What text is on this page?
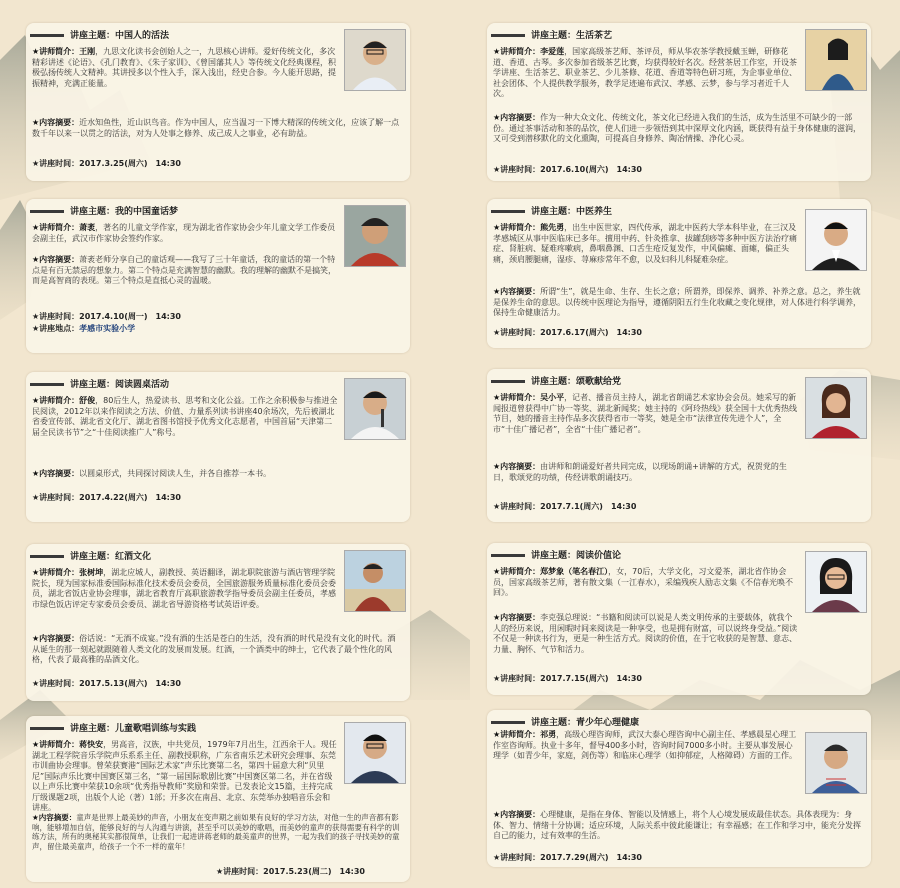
讲座主题：中国人的活法
★讲师简介：王刚，九思文化读书会创始人之一，九思核心讲师。爱好传统文化，多次精彩讲述《论语》、《孔门教育》、《朱子家训》、《曾国藩其人》等传统文化经典课程，积极弘扬传统人文精神。其讲授多以个性入手，深入浅出，经史合参。今人能开思路，提振精神，充满正能量。
★内容摘要：近水知鱼性，近山识鸟音。作为中国人，应当温习一下博大精深的传统文化，应该了解一点数千年以来一以贯之的活法，对为人处事之修养、成己成人之事业，必有助益。
★讲座时间：2017.3.25(周六)　14:30
讲座主题：我的中国童话梦
★讲师简介：萧袤，著名的儿童文学作家，现为湖北省作家协会少年儿童文学工作委员会副主任，武汉市作家协会签约作家。
★内容摘要：萧袤老师分享自己的童话观——我写了三十年童话，我的童话的第一个特点是有百无禁忌的想象力。第二个特点是充满智慧的幽默。我的理解的幽默不是搞笑，而是高智商的表现。第三个特点是直抵心灵的温暖。
★讲座时间：2017.4.10(周一)　14:30
★讲座地点：孝感市实验小学
讲座主题：阅读圆桌活动
★讲师简介：舒俊，80后生人，热爱读书、思考和文化公益。工作之余积极参与推进全民阅读，2012年以来作阅读之方法、价值、力量系列读书讲座40余场次，先后被湖北省委宣传部、湖北省文化厅、湖北省图书馆授予优秀文化志愿者，中国首届“天津第二届全民读书节”之“十佳阅读推广人”称号。
★内容摘要：以圆桌形式，共同探讨阅读人生，并各自推荐一本书。
★讲座时间：2017.4.22(周六)　14:30
讲座主题：红酒文化
★讲师简介：张树坤，湖北应城人，副教授、英语翻译，湖北职院旅游与酒店管理学院院长，现为国家标准委国际标准化技术委员会委员，全国旅游服务质量标准化委员会委员，湖北省饭店业协会理事，湖北省教育厅高职旅游教学指导委员会副主任委员，孝感市绿色饭店评定专家委员会委员、湖北省导游资格考试英语评委。
★内容摘要：俗话说：“无酒不成宴。”没有酒的生活是苍白的生活，没有酒的时代是没有文化的时代。酒从诞生的那一刻起就跟随着人类文化的发展而发展。红酒，一个酒类中的绅士，它代表了最个性化的风格，代表了最高雅的品酒文化。
★讲座时间：2017.5.13(周六)　14:30
讲座主题：儿童歌唱训练与实践
★讲师简介：蒋快安，男高音，汉族，中共党员，1979年7月出生，江西余干人。现任湖北工程学院音乐学院声乐系系主任、副教授职称，广东省南乐艺术研究会理事、东莞市训曲协会理事。曾荣获赛港“国际艺术家”声乐比赛第二名，第四十届意大利“贝里尼”国际声乐比赛中国赛区第三名，“第一届国际歌剧比赛”中国赛区第二名，并在省级以上声乐比赛中荣获10余项“优秀指导教师”奖励和荣誉。已发表论文15篇，主持完成厅级课题2项，出版个人论（著）1部；开多次在南昌、北京、东莞举办独唱音乐会和讲座。
★内容摘要：童声是世界上最美妙的声音，小朋友在变声期之前如果有良好的学习方法，对他一生的声音都有影响，能够增加自信，能够良好的与人沟通与讲演，甚至乎可以美妙的歌唱，而美妙的童声的获得需要有科学的训练方法，所有的奥秘其实都很简单，让我们一起进讲蒋老师的最美童声的世界，一起为我们的孩子寻找美妙的童声，留住最美童声，给孩子一个不一样的童年！
★讲座时间：2017.5.23(周二)　14:30
讲座主题：生活茶艺
★讲师简介：李爱莲，国家高级茶艺师、茶评员，师从华农茶学教授戴玉蝉，研修花道、香道、古琴。多次参加省级茶艺比赛，均获得较好名次。经营茶居工作室，开设茶学讲座、生活茶艺、职业茶艺、少儿茶修、花道、香道等特色研习班，为企事业单位、社会团体、个人提供教学服务，教学足迹遍布武汉、孝感、云梦，参与学习者近千人次。
★内容摘要：作为一种大众文化、传统文化，茶文化已经进入我们的生活，成为生活里不可缺少的一部份。通过茶事活动和茶的品饮，使人们进一步领悟到其中深厚文化内涵，既获得有益于身体健康的滋润，又可受到潜移默化的文化熏陶，可提高自身修养、陶冶情操、净化心灵。
★讲座时间：2017.6.10(周六)　14:30
讲座主题：中医养生
★讲师简介：熊先勇，出生中医世家，四代传承，湖北中医药大学本科毕业，在三汉及孝感城区从事中医临床已多年。擅用中药、针灸推拿、拔罐刮痧等多种中医方法治疗痛症、肾脏病、疑难疼嗽病，鼻咽鼻渊、口舌生疮反复发作，中风偏瘫、面瘫，偏正头痛，颈肩腰腿痛，湿疹、荨麻疹常年不愈，以及妇科儿科疑难杂症。
★内容摘要：所谓“生”，就是生命、生存、生长之意；所谓养，即保养、调养、补养之意。总之，养生就是保养生命的意思。以传统中医理论为指导，遵循阴阳五行生化收藏之变化规律，对人体进行科学调养，保持生命健康活力。
★讲座时间：2017.6.17(周六)　14:30
讲座主题：颂歌献给党
★讲师简介：吴小平，记者、播音员主持人，湖北省朗诵艺术家协会会员。她采写的新闻报道曾获得中广协一等奖、湖北新闻奖；她主持的《阿玲热线》获全国十大优秀热线节目，她的播音主持作品多次获得省市一等奖，她是全市“法律宣传先进个人”，全市“十佳广播记者”，全省“十佳广播记者”。
★内容摘要：由讲师和朗诵爱好者共同完成，以现场朗诵+讲解的方式，祝贺党的生日，歌颂党的功绩，传经讲歌朗诵技巧。
★讲座时间：2017.7.1(周六)　14:30
讲座主题：阅读价值论
★讲师简介：郑梦象（笔名春江），女，70后，大学文化，习文爱茶，湖北省作协会员，国家高级茶艺师，著有散文集（一江春水），采编残疾人励志文集《不信春光唤不回》。
★内容摘要：李克强总理说：“书籍和阅读可以说是人类文明传承的主要载体，就我个人的经历来说，用闲暇时间来阅读是一种享受，也是拥有财富，可以说终身受益。”阅读不仅是一种读书行为，更是一种生活方式。阅读的价值，在于它收获的是智慧、意志、力量、胸怀、气节和活力。
★讲座时间：2017.7.15(周六)　14:30
讲座主题：青少年心理健康
★讲师简介：祁勇，高级心理咨询师，武汉大泰心理咨询中心副主任、孝感晨星心理工作室咨询师。执业十多年，督导400多小时，咨询时间7000多小时。主要从事发展心理学（如青少年，家庭，剑伤等）和临床心理学（如抑郁症，人格障碍）方面的工作。
★内容摘要：心理健康，是指在身体、智能以及情感上，将个人心境发展成最佳状态。具体表现为：身体、智力、情绪十分协调；适应环境，人际关系中彼此能谦让；有幸福感；在工作和学习中，能充分发挥自己的能力，过有效率的生活。
★讲座时间：2017.7.29(周六)　14:30
